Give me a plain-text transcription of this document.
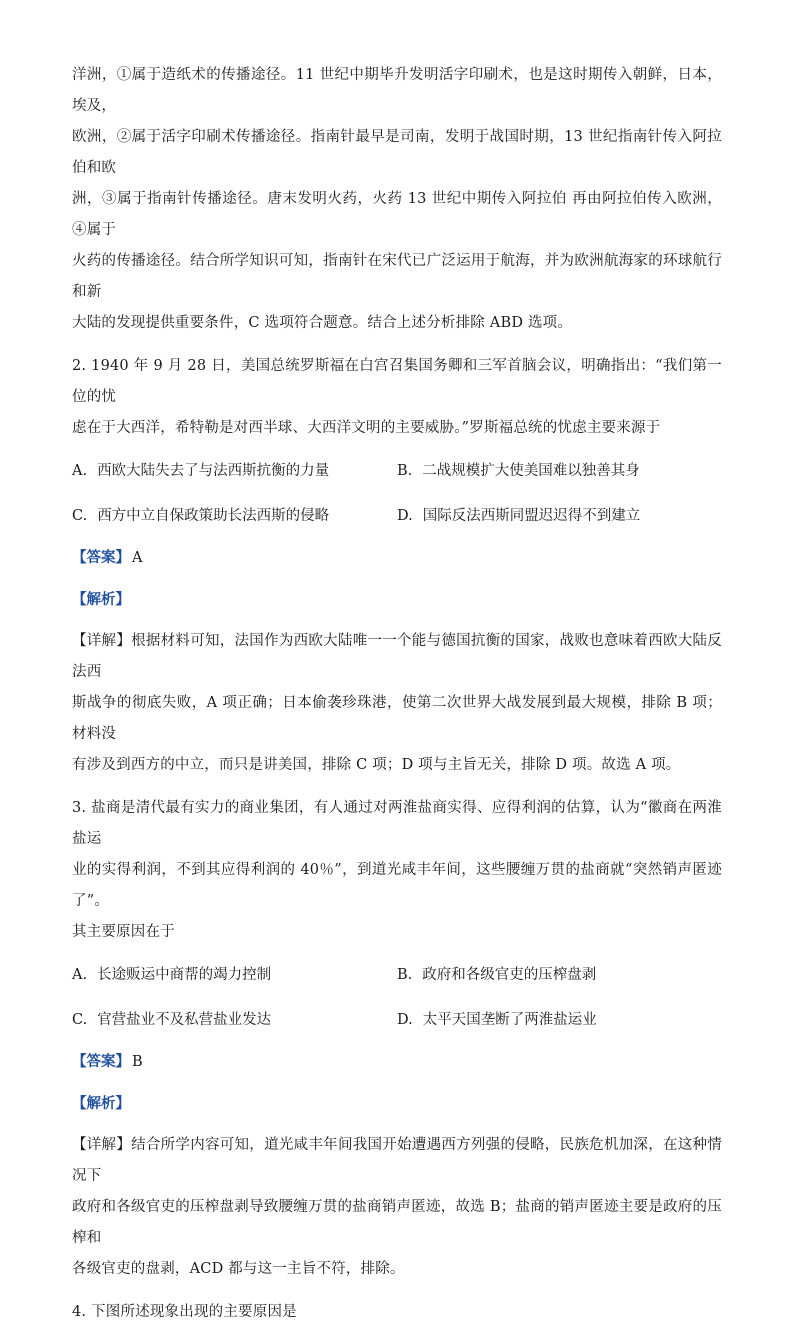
洋洲，①属于造纸术的传播途径。11 世纪中期毕升发明活字印刷术，也是这时期传入朝鲜，日本，埃及，

欧洲，②属于活字印刷术传播途径。指南针最早是司南，发明于战国时期，13 世纪指南针传入阿拉伯和欧

洲，③属于指南针传播途径。唐末发明火药，火药 13 世纪中期传入阿拉伯 再由阿拉伯传入欧洲，④属于

火药的传播途径。结合所学知识可知，指南针在宋代已广泛运用于航海，并为欧洲航海家的环球航行和新

大陆的发现提供重要条件，C 选项符合题意。结合上述分析排除 ABD 选项。

2. 1940 年 9 月 28 日，美国总统罗斯福在白宫召集国务卿和三军首脑会议，明确指出：“我们第一位的忧

虑在于大西洋，希特勒是对西半球、大西洋文明的主要威胁。”罗斯福总统的忧虑主要来源于

A. 西欧大陆失去了与法西斯抗衡的力量	B. 二战规模扩大使美国难以独善其身
C. 西方中立自保政策助长法西斯的侵略	D. 国际反法西斯同盟迟迟得不到建立

【答案】 A

【解析】

【详解】根据材料可知，法国作为西欧大陆唯一一个能与德国抗衡的国家，战败也意味着西欧大陆反法西

斯战争的彻底失败，A 项正确；日本偷袭珍珠港，使第二次世界大战发展到最大规模，排除 B 项；材料没

有涉及到西方的中立，而只是讲美国，排除 C 项；D 项与主旨无关，排除 D 项。故选 A 项。

3. 盐商是清代最有实力的商业集团，有人通过对两淮盐商实得、应得利润的估算，认为“徽商在两淮盐运

业的实得利润，不到其应得利润的 40％”，到道光咸丰年间，这些腰缠万贯的盐商就“突然销声匿迹了”。

其主要原因在于

A. 长途贩运中商帮的竭力控制	B. 政府和各级官吏的压榨盘剥
C. 官营盐业不及私营盐业发达	D. 太平天国垄断了两淮盐运业

【答案】 B

【解析】

【详解】结合所学内容可知，道光咸丰年间我国开始遭遇西方列强的侵略，民族危机加深，在这种情况下

政府和各级官吏的压榨盘剥导致腰缠万贯的盐商销声匿迹，故选 B；盐商的销声匿迹主要是政府的压榨和

各级官吏的盘剥，ACD 都与这一主旨不符，排除。

4. 下图所述现象出现的主要原因是
